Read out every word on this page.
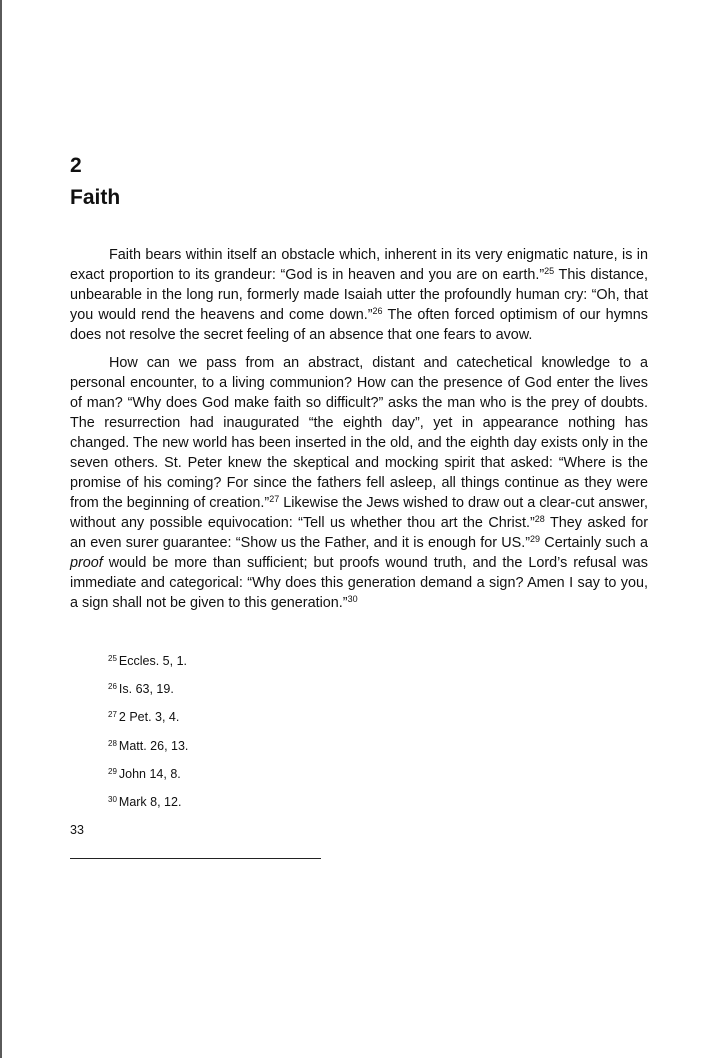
2
Faith

Faith bears within itself an obstacle which, inherent in its very enigmatic nature, is in exact proportion to its grandeur: “God is in heaven and you are on earth.”$^{25}$ This distance, unbearable in the long run, formerly made Isaiah utter the profoundly human cry: “Oh, that you would rend the heavens and come down.”$^{26}$ The often forced optimism of our hymns does not resolve the secret feeling of an absence that one fears to avow.

How can we pass from an abstract, distant and catechetical knowledge to a personal encounter, to a living communion? How can the presence of God enter the lives of man? “Why does God make faith so difficult?” asks the man who is the prey of doubts. The resurrection had inaugurated “the eighth day”, yet in appearance nothing has changed. The new world has been inserted in the old, and the eighth day exists only in the seven others. St. Peter knew the skeptical and mocking spirit that asked: “Where is the promise of his coming? For since the fathers fell asleep, all things continue as they were from the beginning of creation.”$^{27}$ Likewise the Jews wished to draw out a clear-cut answer, without any possible equivocation: “Tell us whether thou art the Christ.”$^{28}$ They asked for an even surer guarantee: “Show us the Father, and it is enough for US.”$^{29}$ Certainly such a proof would be more than sufficient; but proofs wound truth, and the Lord’s refusal was immediate and categorical: “Why does this generation demand a sign? Amen I say to you, a sign shall not be given to this generation.”$^{30}$

$^{25}$ Eccles. 5, 1.
$^{26}$ Is. 63, 19.
$^{27}$ 2 Pet. 3, 4.
$^{28}$ Matt. 26, 13.
$^{29}$ John 14, 8.
$^{30}$ Mark 8, 12.
33
